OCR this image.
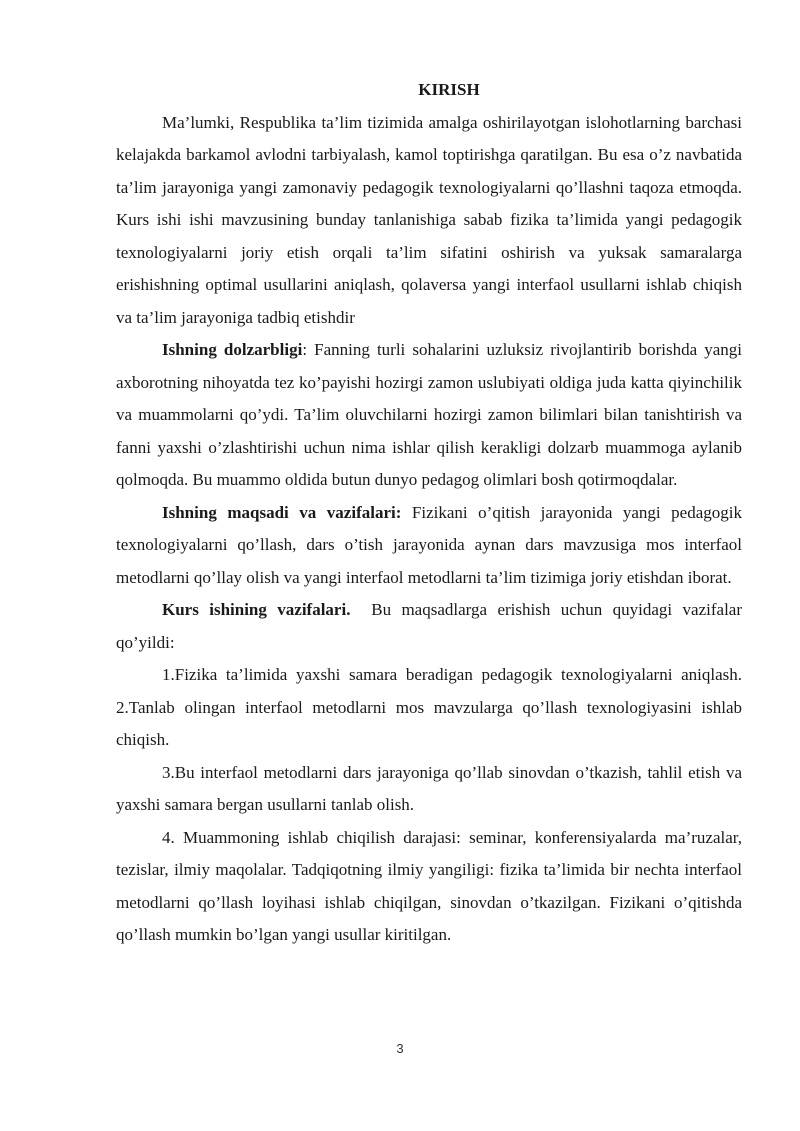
KIRISH

Ma’lumki, Respublika ta’lim tizimida amalga oshirilayotgan islohotlarning barchasi kelajakda barkamol avlodni tarbiyalash, kamol toptirishga qaratilgan. Bu esa o’z navbatida ta’lim jarayoniga yangi zamonaviy pedagogik texnologiyalarni qo’llashni taqoza etmoqda. Kurs ishi ishi mavzusining bunday tanlanishiga sabab fizika ta’limida yangi pedagogik texnologiyalarni joriy etish orqali ta’lim sifatini oshirish va yuksak samaralarga erishishning optimal usullarini aniqlash, qolaversa yangi interfaol usullarni ishlab chiqish va ta’lim jarayoniga tadbiq etishdir

Ishning dolzarbligi: Fanning turli sohalarini uzluksiz rivojlantirib borishda yangi axborotning nihoyatda tez ko’payishi hozirgi zamon uslubiyati oldiga juda katta qiyinchilik va muammolarni qo’ydi. Ta’lim oluvchilarni hozirgi zamon bilimlari bilan tanishtirish va fanni yaxshi o’zlashtirishi uchun nima ishlar qilish kerakligi dolzarb muammoga aylanib qolmoqda. Bu muammo oldida butun dunyo pedagog olimlari bosh qotirmoqdalar.

Ishning maqsadi va vazifalari: Fizikani o’qitish jarayonida yangi pedagogik texnologiyalarni qo’llash, dars o’tish jarayonida aynan dars mavzusiga mos interfaol metodlarni qo’llay olish va yangi interfaol metodlarni ta’lim tizimiga joriy etishdan iborat.

Kurs ishining vazifalari.  Bu maqsadlarga erishish uchun quyidagi vazifalar qo’yildi:

1.Fizika ta’limida yaxshi samara beradigan pedagogik texnologiyalarni aniqlash. 2.Tanlab olingan interfaol metodlarni mos mavzularga qo’llash texnologiyasini ishlab chiqish.

3.Bu interfaol metodlarni dars jarayoniga qo’llab sinovdan o’tkazish, tahlil etish va yaxshi samara bergan usullarni tanlab olish.

4. Muammoning ishlab chiqilish darajasi: seminar, konferensiyalarda ma’ruzalar, tezislar, ilmiy maqolalar. Tadqiqotning ilmiy yangiligi: fizika ta’limida bir nechta interfaol metodlarni qo’llash loyihasi ishlab chiqilgan, sinovdan o’tkazilgan. Fizikani o’qitishda qo’llash mumkin bo’lgan yangi usullar kiritilgan.

3
